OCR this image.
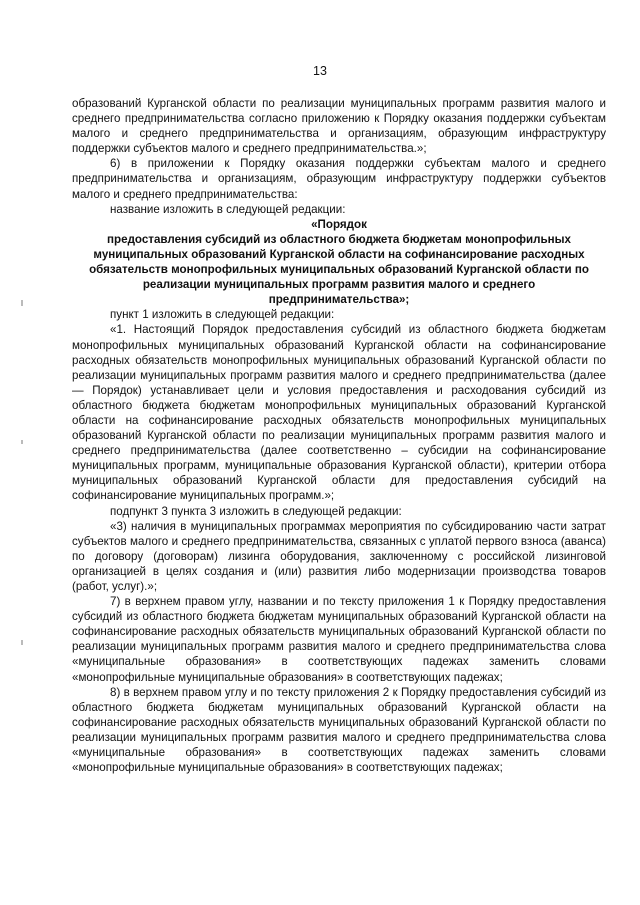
13

образований Курганской области по реализации муниципальных программ развития малого и среднего предпринимательства согласно приложению к Порядку оказания поддержки субъектам малого и среднего предпринимательства и организациям, образующим инфраструктуру поддержки субъектов малого и среднего предпринимательства.»;

6) в приложении к Порядку оказания поддержки субъектам малого и среднего предпринимательства и организациям, образующим инфраструктуру поддержки субъектов малого и среднего предпринимательства:

название изложить в следующей редакции:

«Порядок

предоставления субсидий из областного бюджета бюджетам монопрофильных муниципальных образований Курганской области на софинансирование расходных обязательств монопрофильных муниципальных образований Курганской области по реализации муниципальных программ развития малого и среднего предпринимательства»;

пункт 1 изложить в следующей редакции:

«1. Настоящий Порядок предоставления субсидий из областного бюджета бюджетам монопрофильных муниципальных образований Курганской области на софинансирование расходных обязательств монопрофильных муниципальных образований Курганской области по реализации муниципальных программ развития малого и среднего предпринимательства (далее — Порядок) устанавливает цели и условия предоставления и расходования субсидий из областного бюджета бюджетам монопрофильных муниципальных образований Курганской области на софинансирование расходных обязательств монопрофильных муниципальных образований Курганской области по реализации муниципальных программ развития малого и среднего предпринимательства (далее соответственно – субсидии на софинансирование муниципальных программ, муниципальные образования Курганской области), критерии отбора муниципальных образований Курганской области для предоставления субсидий на софинансирование муниципальных программ.»;

подпункт 3 пункта 3 изложить в следующей редакции:

«3) наличия в муниципальных программах мероприятия по субсидированию части затрат субъектов малого и среднего предпринимательства, связанных с уплатой первого взноса (аванса) по договору (договорам) лизинга оборудования, заключенному с российской лизинговой организацией в целях создания и (или) развития либо модернизации производства товаров (работ, услуг).»;

7) в верхнем правом углу, названии и по тексту приложения 1 к Порядку предоставления субсидий из областного бюджета бюджетам муниципальных образований Курганской области на софинансирование расходных обязательств муниципальных образований Курганской области по реализации муниципальных программ развития малого и среднего предпринимательства слова «муниципальные образования» в соответствующих падежах заменить словами «монопрофильные муниципальные образования» в соответствующих падежах;

8) в верхнем правом углу и по тексту приложения 2 к Порядку предоставления субсидий из областного бюджета бюджетам муниципальных образований Курганской области на софинансирование расходных обязательств муниципальных образований Курганской области по реализации муниципальных программ развития малого и среднего предпринимательства слова «муниципальные образования» в соответствующих падежах заменить словами «монопрофильные муниципальные образования» в соответствующих падежах;
